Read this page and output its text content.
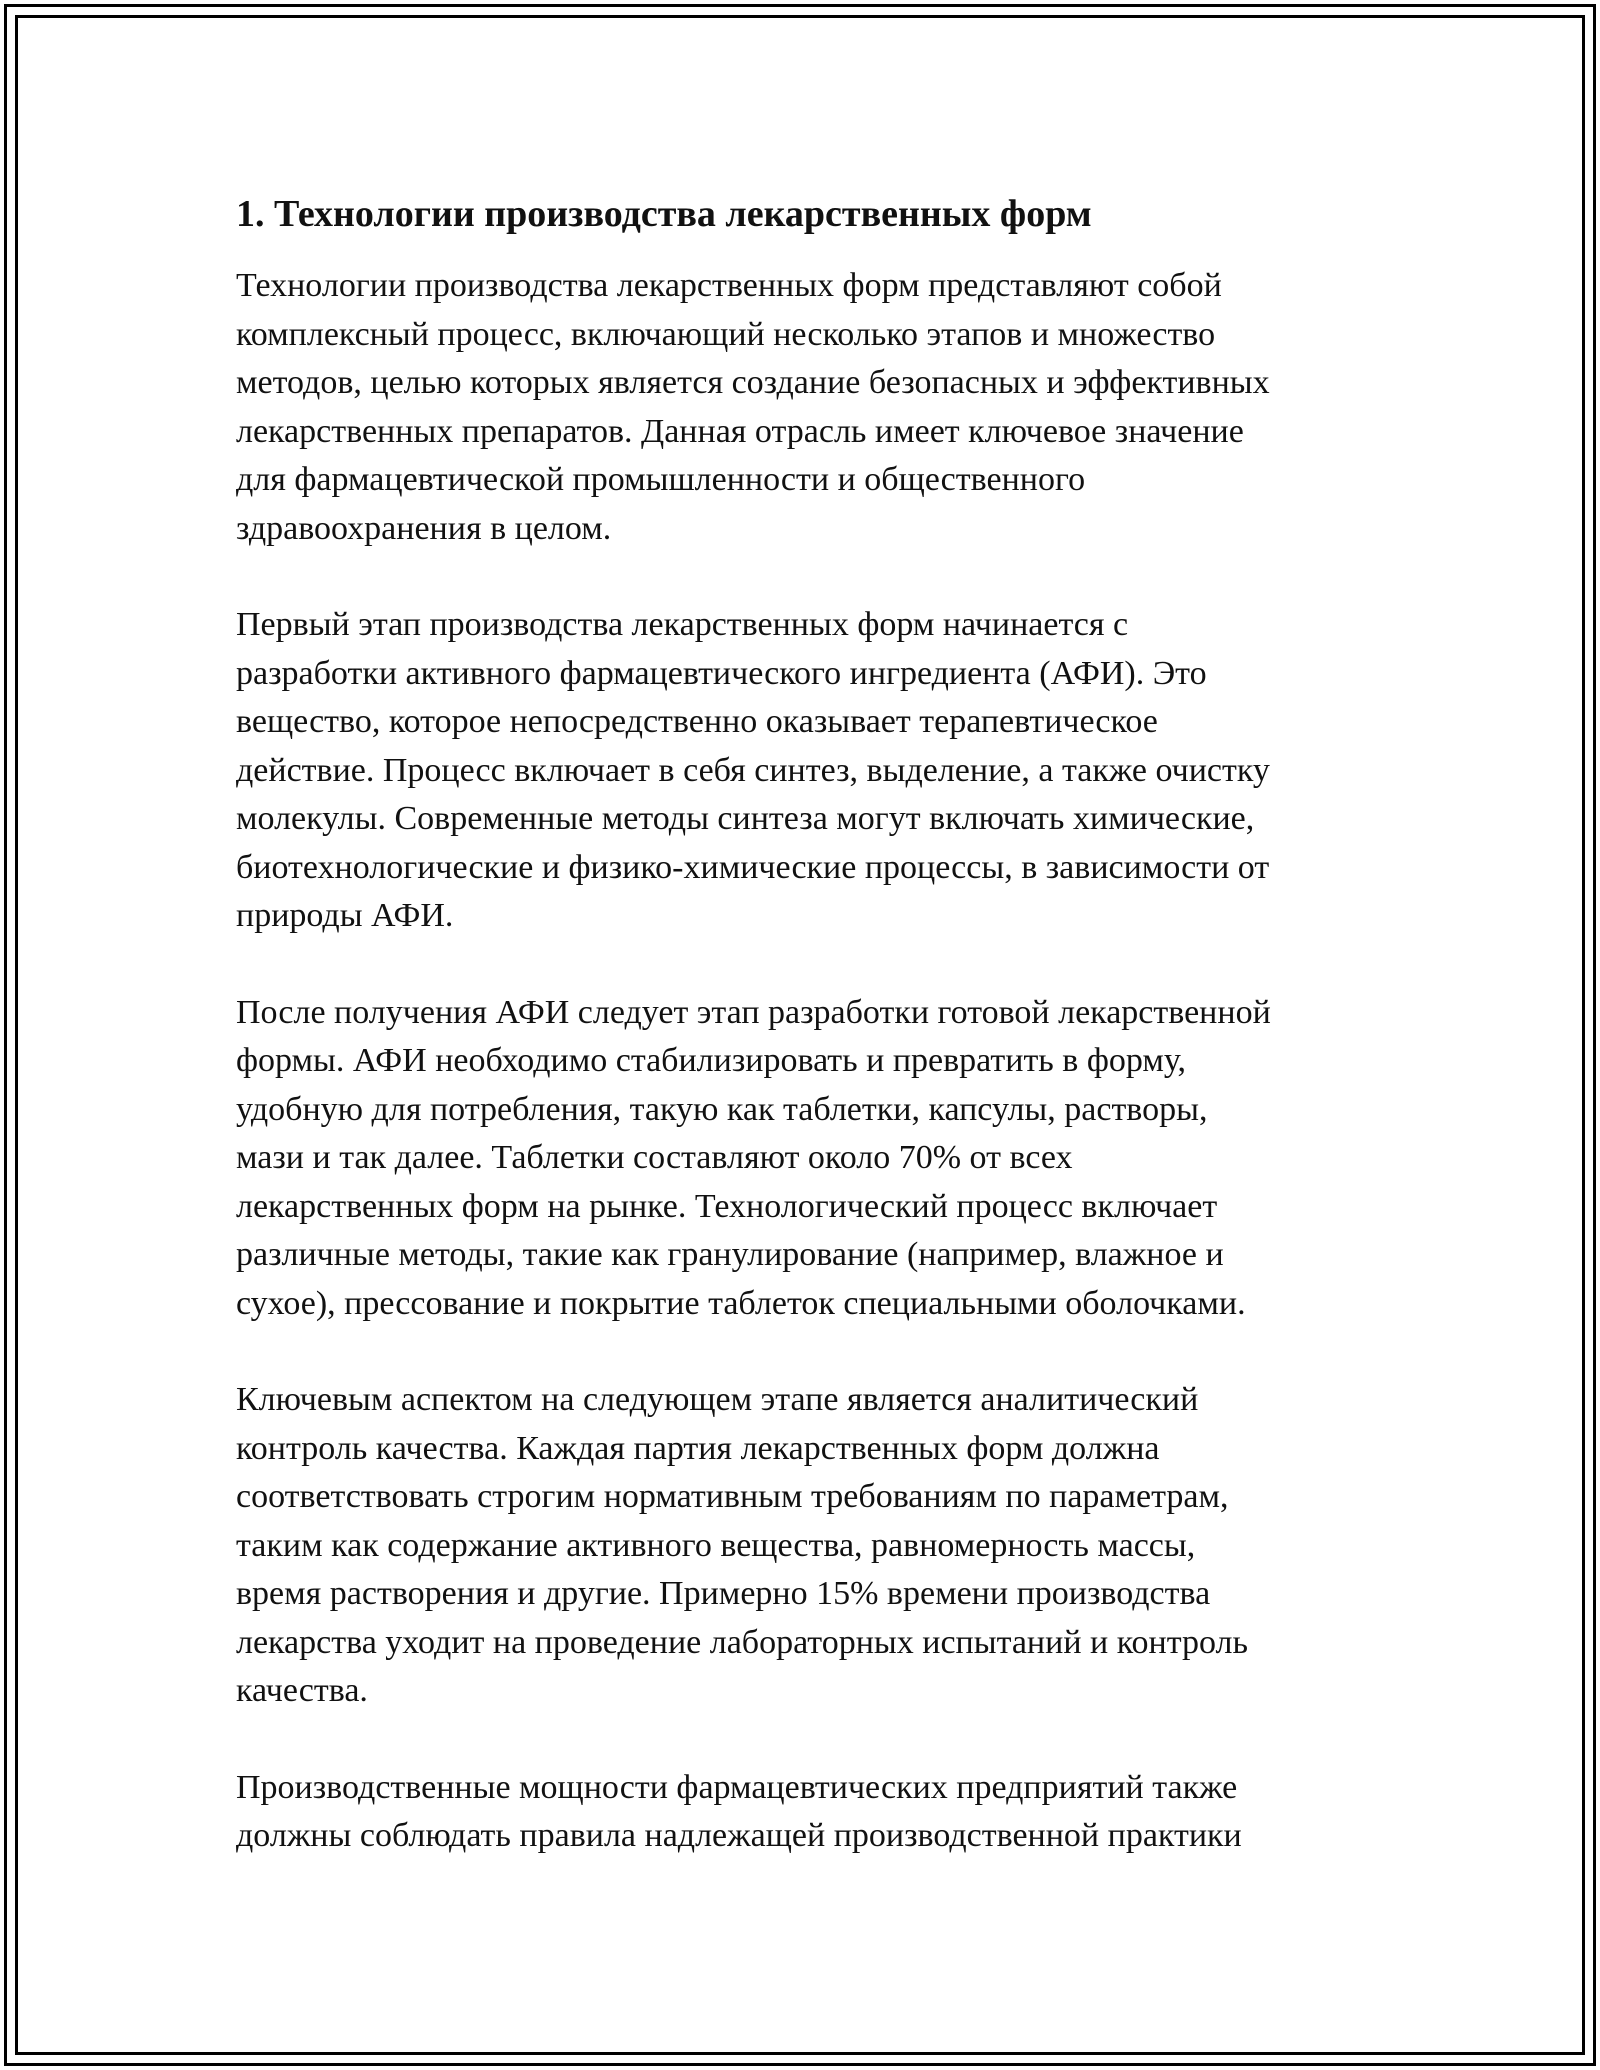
1. Технологии производства лекарственных форм
Технологии производства лекарственных форм представляют собой
комплексный процесс, включающий несколько этапов и множество
методов, целью которых является создание безопасных и эффективных
лекарственных препаратов. Данная отрасль имеет ключевое значение
для фармацевтической промышленности и общественного
здравоохранения в целом.
Первый этап производства лекарственных форм начинается с
разработки активного фармацевтического ингредиента (АФИ). Это
вещество, которое непосредственно оказывает терапевтическое
действие. Процесс включает в себя синтез, выделение, а также очистку
молекулы. Современные методы синтеза могут включать химические,
биотехнологические и физико-химические процессы, в зависимости от
природы АФИ.
После получения АФИ следует этап разработки готовой лекарственной
формы. АФИ необходимо стабилизировать и превратить в форму,
удобную для потребления, такую как таблетки, капсулы, растворы,
мази и так далее. Таблетки составляют около 70% от всех
лекарственных форм на рынке. Технологический процесс включает
различные методы, такие как гранулирование (например, влажное и
сухое), прессование и покрытие таблеток специальными оболочками.
Ключевым аспектом на следующем этапе является аналитический
контроль качества. Каждая партия лекарственных форм должна
соответствовать строгим нормативным требованиям по параметрам,
таким как содержание активного вещества, равномерность массы,
время растворения и другие. Примерно 15% времени производства
лекарства уходит на проведение лабораторных испытаний и контроль
качества.
Производственные мощности фармацевтических предприятий также
должны соблюдать правила надлежащей производственной практики
